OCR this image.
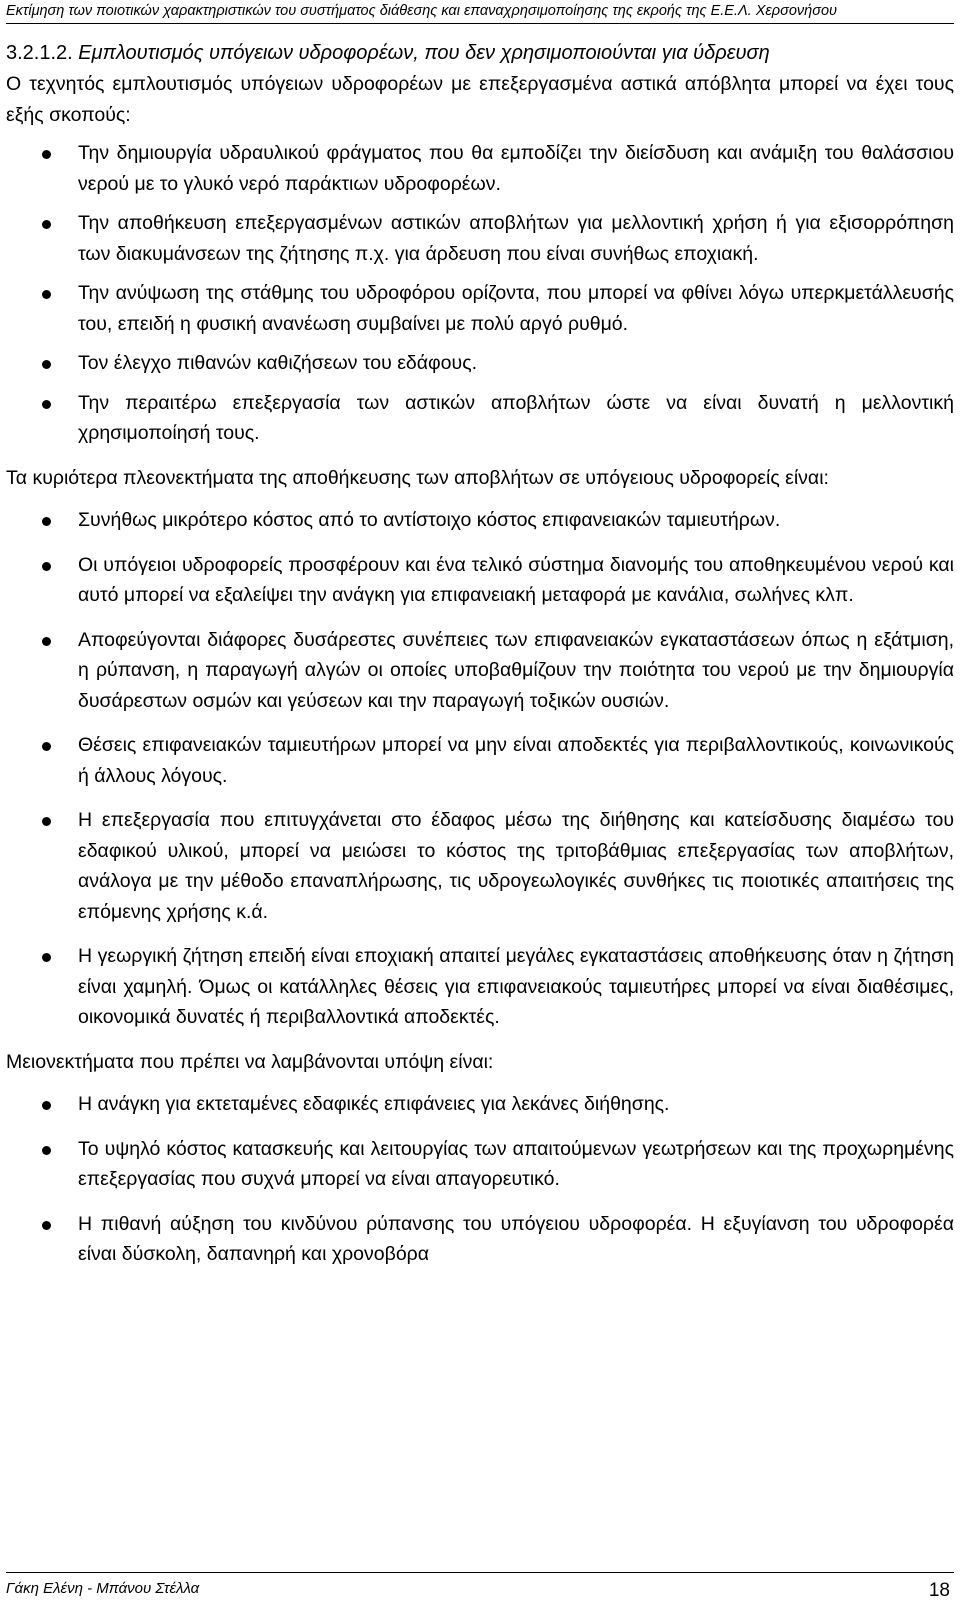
Εκτίμηση των ποιοτικών χαρακτηριστικών του συστήματος διάθεσης και επαναχρησιμοποίησης της εκροής της Ε.Ε.Λ. Χερσονήσου
3.2.1.2. Εμπλουτισμός υπόγειων υδροφορέων, που δεν χρησιμοποιούνται για ύδρευση

Ο τεχνητός εμπλουτισμός υπόγειων υδροφορέων με επεξεργασμένα αστικά απόβλητα μπορεί να έχει τους εξής σκοπούς:

Την δημιουργία υδραυλικού φράγματος που θα εμποδίζει την διείσδυση και ανάμιξη του θαλάσσιου νερού με το γλυκό νερό παράκτιων υδροφορέων.
Την αποθήκευση επεξεργασμένων αστικών αποβλήτων για μελλοντική χρήση ή για εξισορρόπηση των διακυμάνσεων της ζήτησης π.χ. για άρδευση που είναι συνήθως εποχιακή.
Την ανύψωση της στάθμης του υδροφόρου ορίζοντα, που μπορεί να φθίνει λόγω υπερκμετάλλευσής του, επειδή η φυσική ανανέωση συμβαίνει με πολύ αργό ρυθμό.
Τον έλεγχο πιθανών καθιζήσεων του εδάφους.
Την περαιτέρω επεξεργασία των αστικών αποβλήτων ώστε να είναι δυνατή η μελλοντική χρησιμοποίησή τους.

Τα κυριότερα πλεονεκτήματα της αποθήκευσης των αποβλήτων σε υπόγειους υδροφορείς είναι:

Συνήθως μικρότερο κόστος από το αντίστοιχο κόστος επιφανειακών ταμιευτήρων.
Οι υπόγειοι υδροφορείς προσφέρουν και ένα τελικό σύστημα διανομής του αποθηκευμένου νερού και αυτό μπορεί να εξαλείψει την ανάγκη για επιφανειακή μεταφορά με κανάλια, σωλήνες κλπ.
Αποφεύγονται διάφορες δυσάρεστες συνέπειες των επιφανειακών εγκαταστάσεων όπως η εξάτμιση, η ρύπανση, η παραγωγή αλγών οι οποίες υποβαθμίζουν την ποιότητα του νερού με την δημιουργία δυσάρεστων οσμών και γεύσεων και την παραγωγή τοξικών ουσιών.
Θέσεις επιφανειακών ταμιευτήρων μπορεί να μην είναι αποδεκτές για περιβαλλοντικούς, κοινωνικούς ή άλλους λόγους.
Η επεξεργασία που επιτυγχάνεται στο έδαφος μέσω της διήθησης και κατείσδυσης διαμέσω του εδαφικού υλικού, μπορεί να μειώσει το κόστος της τριτοβάθμιας επεξεργασίας των αποβλήτων, ανάλογα με την μέθοδο επαναπλήρωσης, τις υδρογεωλογικές συνθήκες τις ποιοτικές απαιτήσεις της επόμενης χρήσης κ.ά.
Η γεωργική ζήτηση επειδή είναι εποχιακή απαιτεί μεγάλες εγκαταστάσεις αποθήκευσης όταν η ζήτηση είναι χαμηλή. Όμως οι κατάλληλες θέσεις για επιφανειακούς ταμιευτήρες μπορεί να είναι διαθέσιμες, οικονομικά δυνατές ή περιβαλλοντικά αποδεκτές.

Μειονεκτήματα που πρέπει να λαμβάνονται υπόψη είναι:

Η ανάγκη για εκτεταμένες εδαφικές επιφάνειες για λεκάνες διήθησης.
Το υψηλό κόστος κατασκευής και λειτουργίας των απαιτούμενων γεωτρήσεων και της προχωρημένης επεξεργασίας που συχνά μπορεί να είναι απαγορευτικό.
Η πιθανή αύξηση του κινδύνου ρύπανσης του υπόγειου υδροφορέα. Η εξυγίανση του υδροφορέα είναι δύσκολη, δαπανηρή και χρονοβόρα
Γάκη Ελένη - Μπάνου Στέλλα	18
